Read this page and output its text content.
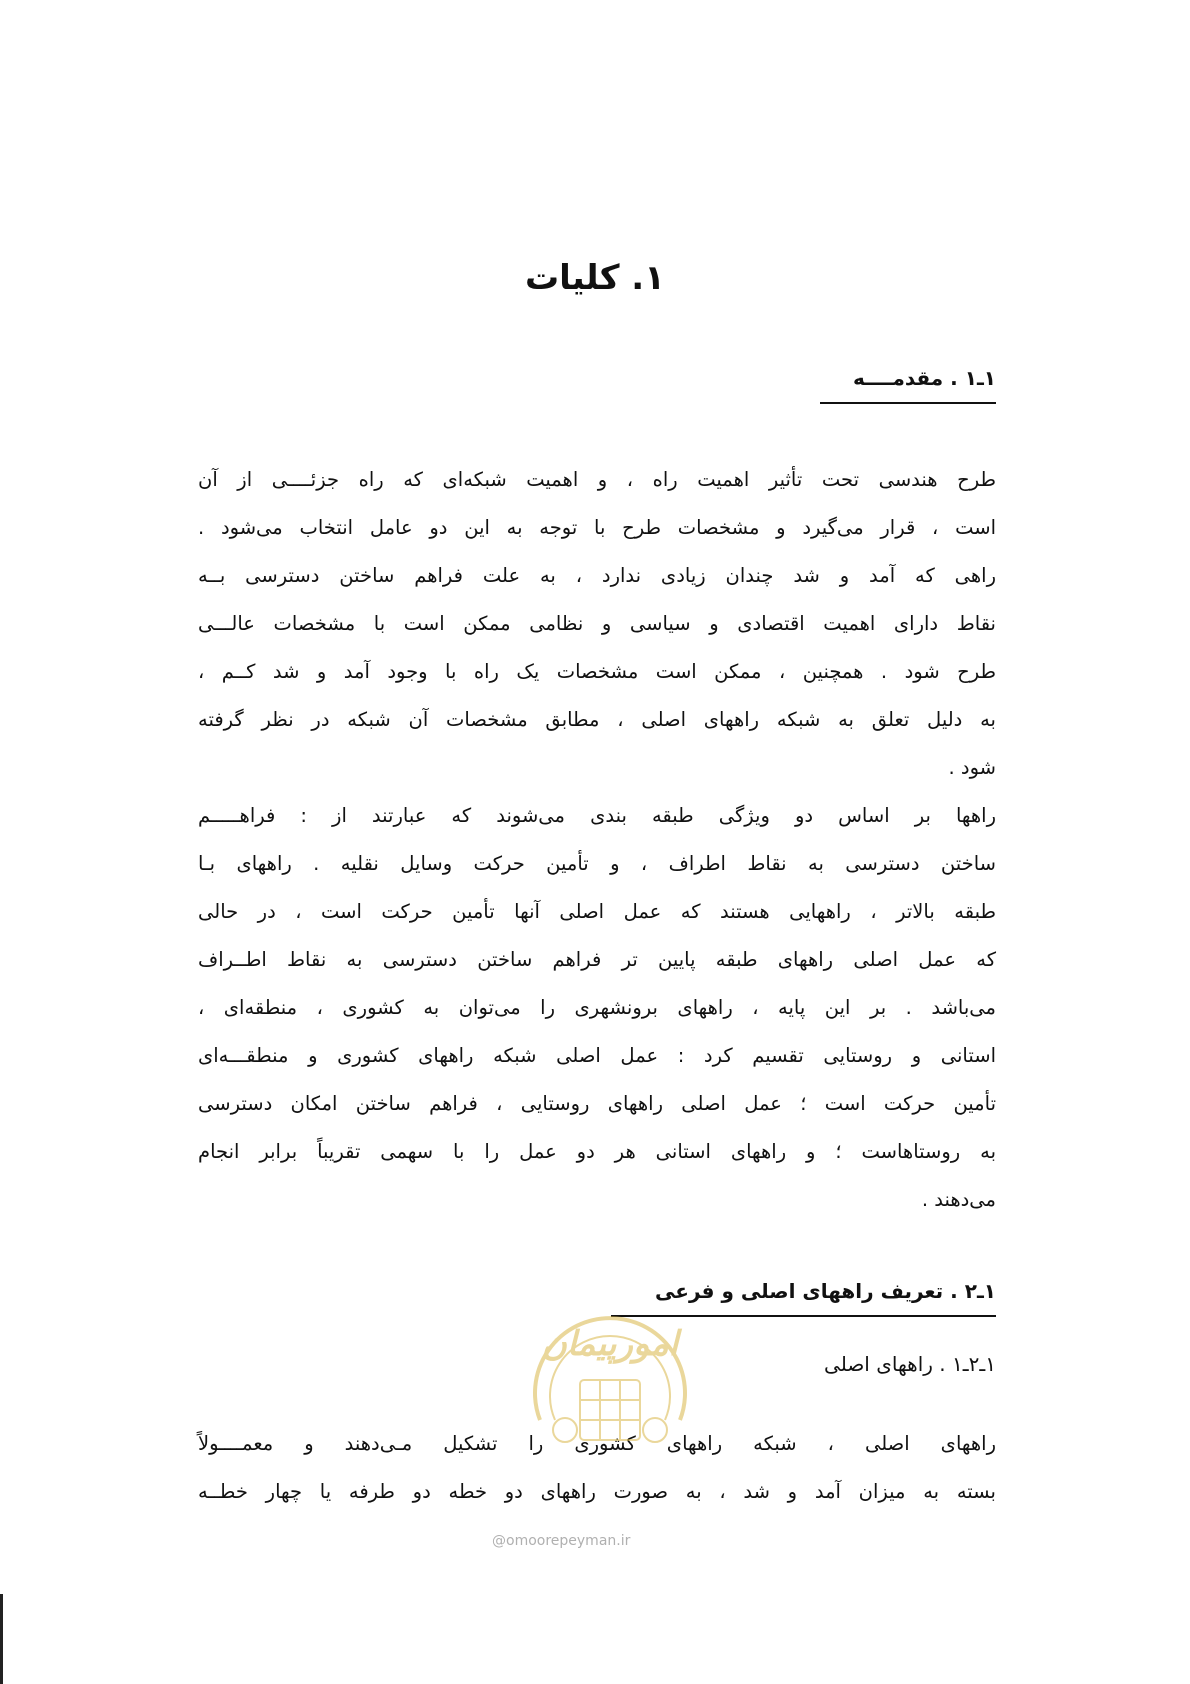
۱. کلیات
۱ـ۱ . مقدمــــه
طرح هندسی تحت تأثیر اهمیت راه ، و اهمیت شبکه‌ای که راه جزئــــی از آن
است ، قرار می‌گیرد و مشخصات طرح با توجه به این دو عامل انتخاب می‌شود .
راهی که آمد و شد چندان زیادی ندارد ، به علت فراهم ساختن دسترسی بــه
نقاط دارای اهمیت اقتصادی و سیاسی و نظامی ممکن است با مشخصات عالـــی
طرح شود . همچنین ، ممکن است مشخصات یک راه با وجود آمد و شد کــم ،
به دلیل تعلق به شبکه راههای اصلی ، مطابق مشخصات آن شبکه در نظر گرفته
شود .
راهها بر اساس دو ویژگی طبقه بندی می‌شوند که عبارتند از : فراهـــــم
ساختن دسترسی به نقاط اطراف ، و تأمین حرکت وسایل نقلیه . راههای بـا
طبقه بالاتر ، راههایی هستند که عمل اصلی آنها تأمین حرکت است ، در حالی
که عمل اصلی راههای طبقه پایین تر فراهم ساختن دسترسی به نقاط اطــراف
می‌باشد . بر این پایه ، راههای برونشهری را می‌توان به کشوری ، منطقه‌ای ،
استانی و روستایی تقسیم کرد : عمل اصلی شبکه راههای کشوری و منطقـــه‌ای
تأمین حرکت است ؛ عمل اصلی راههای روستایی ، فراهم ساختن امکان دسترسی
به روستاهاست ؛ و راههای استانی هر دو عمل را با سهمی تقریباً برابر انجام
می‌دهند .
۱ـ۲ . تعریف راههای اصلی و فرعی
۱ـ۲ـ۱ . راههای اصلی
راههای اصلی ، شبکه راههای کشوری را تشکیل مـی‌دهند و معمــــولاً
بسته به میزان آمد و شد ، به صورت راههای دو خطه دو طرفه یا چهار خطــه
امورپیمان

@omoorepeyman.ir
